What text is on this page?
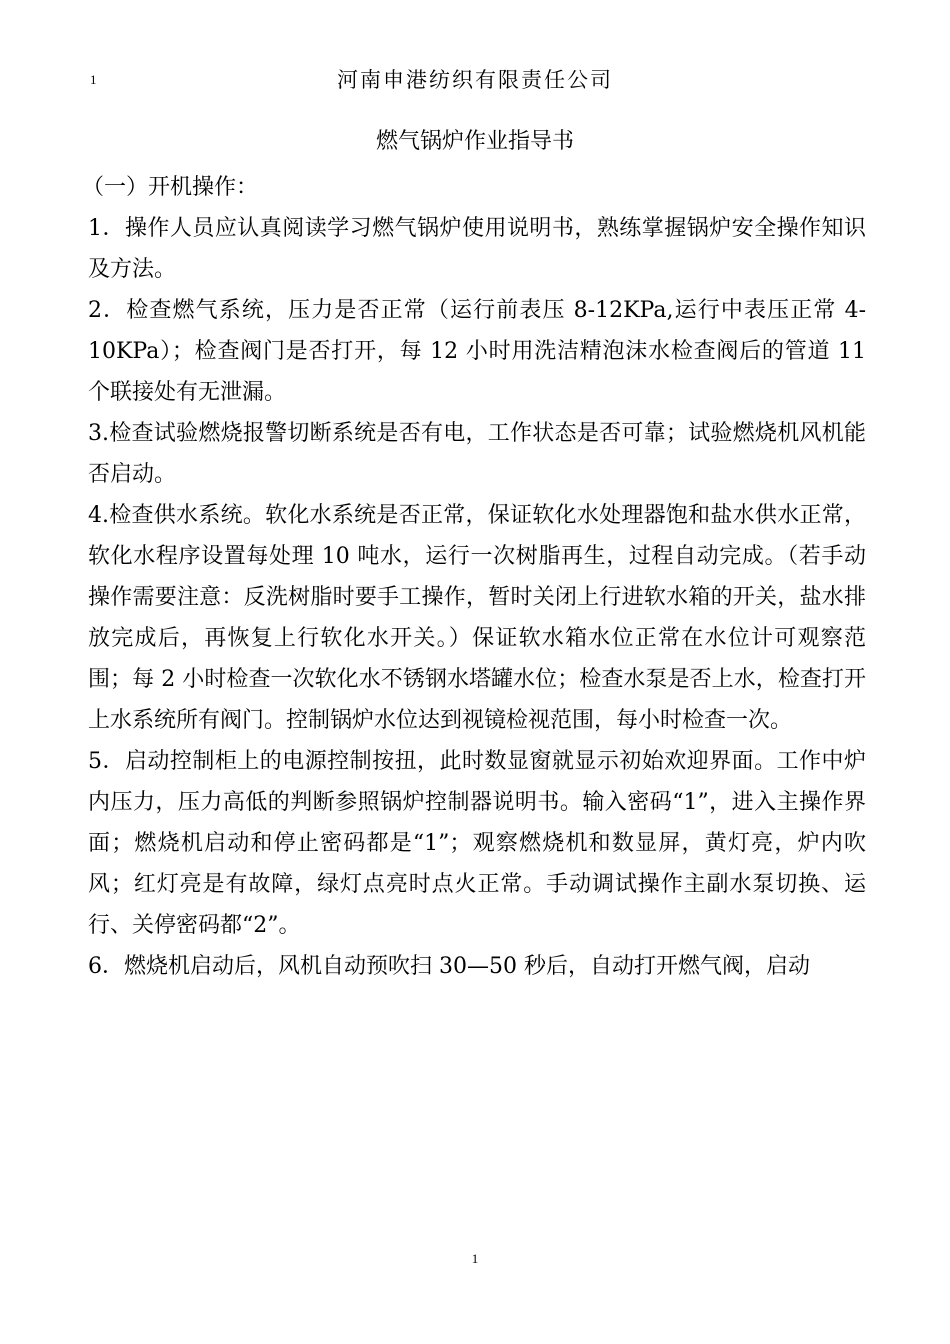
1	河南申港纺织有限责任公司
燃气锅炉作业指导书

（一）开机操作：

1．操作人员应认真阅读学习燃气锅炉使用说明书，熟练掌握锅炉安全操作知识及方法。

2．检查燃气系统，压力是否正常（运行前表压 8-12KPa,运行中表压正常 4-10KPa）；检查阀门是否打开，每 12 小时用洗洁精泡沫水检查阀后的管道 11 个联接处有无泄漏。

3.检查试验燃烧报警切断系统是否有电，工作状态是否可靠；试验燃烧机风机能否启动。

4.检查供水系统。软化水系统是否正常，保证软化水处理器饱和盐水供水正常，软化水程序设置每处理 10 吨水，运行一次树脂再生，过程自动完成。（若手动操作需要注意：反洗树脂时要手工操作，暂时关闭上行进软水箱的开关，盐水排放完成后，再恢复上行软化水开关。）保证软水箱水位正常在水位计可观察范围；每 2 小时检查一次软化水不锈钢水塔罐水位；检查水泵是否上水，检查打开上水系统所有阀门。控制锅炉水位达到视镜检视范围，每小时检查一次。

5．启动控制柜上的电源控制按扭，此时数显窗就显示初始欢迎界面。工作中炉内压力，压力高低的判断参照锅炉控制器说明书。输入密码“1”，进入主操作界面；燃烧机启动和停止密码都是“1”；观察燃烧机和数显屏，黄灯亮，炉内吹风；红灯亮是有故障，绿灯点亮时点火正常。手动调试操作主副水泵切换、运行、关停密码都“2”。

6．燃烧机启动后，风机自动预吹扫 30—50 秒后，自动打开燃气阀，启动

1
